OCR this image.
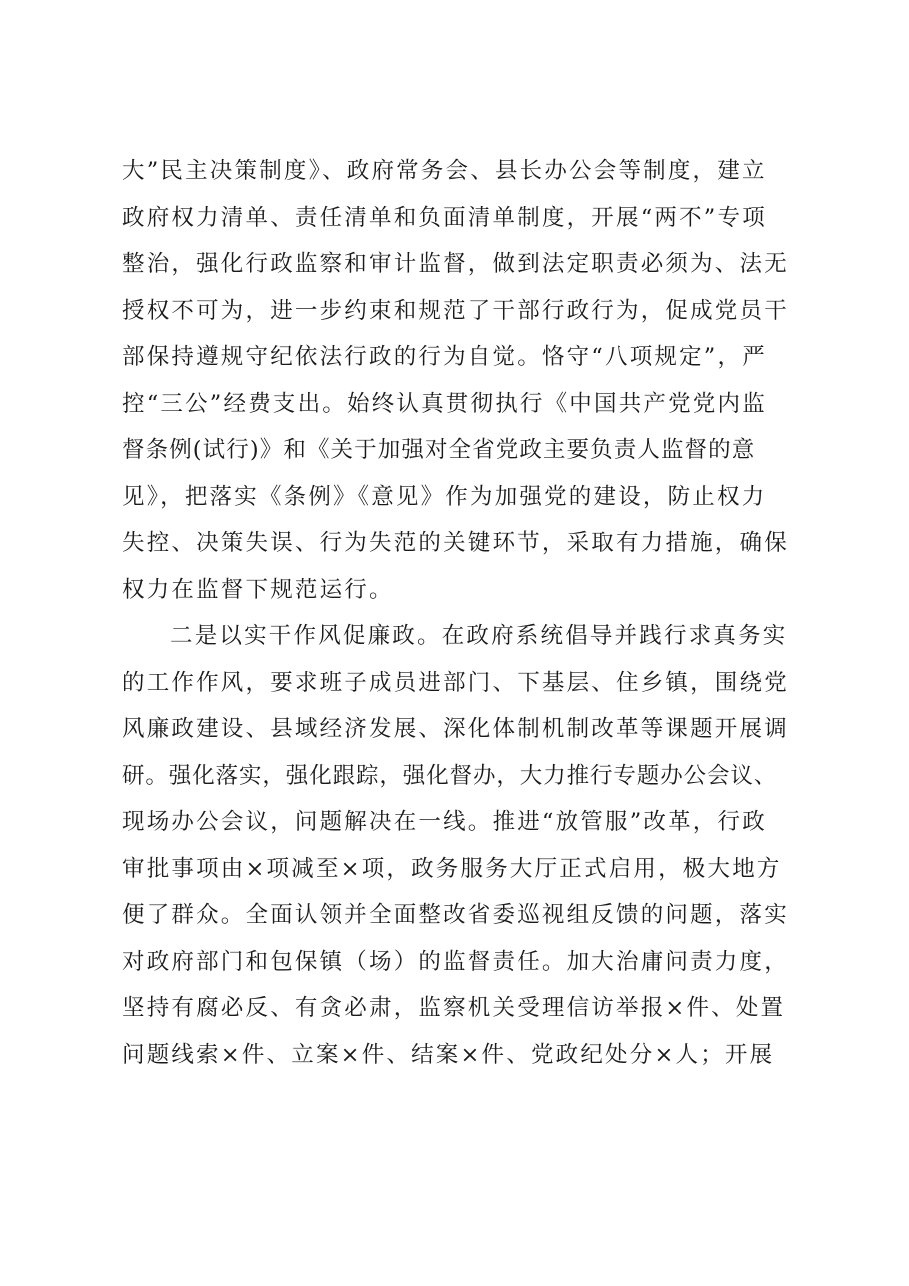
大”民主决策制度》、政府常务会、县长办公会等制度，建立
政府权力清单、责任清单和负面清单制度，开展“两不”专项
整治，强化行政监察和审计监督，做到法定职责必须为、法无
授权不可为，进一步约束和规范了干部行政行为，促成党员干
部保持遵规守纪依法行政的行为自觉。恪守“八项规定”，严
控“三公”经费支出。始终认真贯彻执行《中国共产党党内监
督条例(试行)》和《关于加强对全省党政主要负责人监督的意
见》，把落实《条例》《意见》作为加强党的建设，防止权力
失控、决策失误、行为失范的关键环节，采取有力措施，确保
权力在监督下规范运行。
二是以实干作风促廉政。在政府系统倡导并践行求真务实
的工作作风，要求班子成员进部门、下基层、住乡镇，围绕党
风廉政建设、县域经济发展、深化体制机制改革等课题开展调
研。强化落实，强化跟踪，强化督办，大力推行专题办公会议、
现场办公会议，问题解决在一线。推进“放管服”改革，行政
审批事项由×项减至×项，政务服务大厅正式启用，极大地方
便了群众。全面认领并全面整改省委巡视组反馈的问题，落实
对政府部门和包保镇（场）的监督责任。加大治庸问责力度，
坚持有腐必反、有贪必肃，监察机关受理信访举报×件、处置
问题线索×件、立案×件、结案×件、党政纪处分×人；开展
